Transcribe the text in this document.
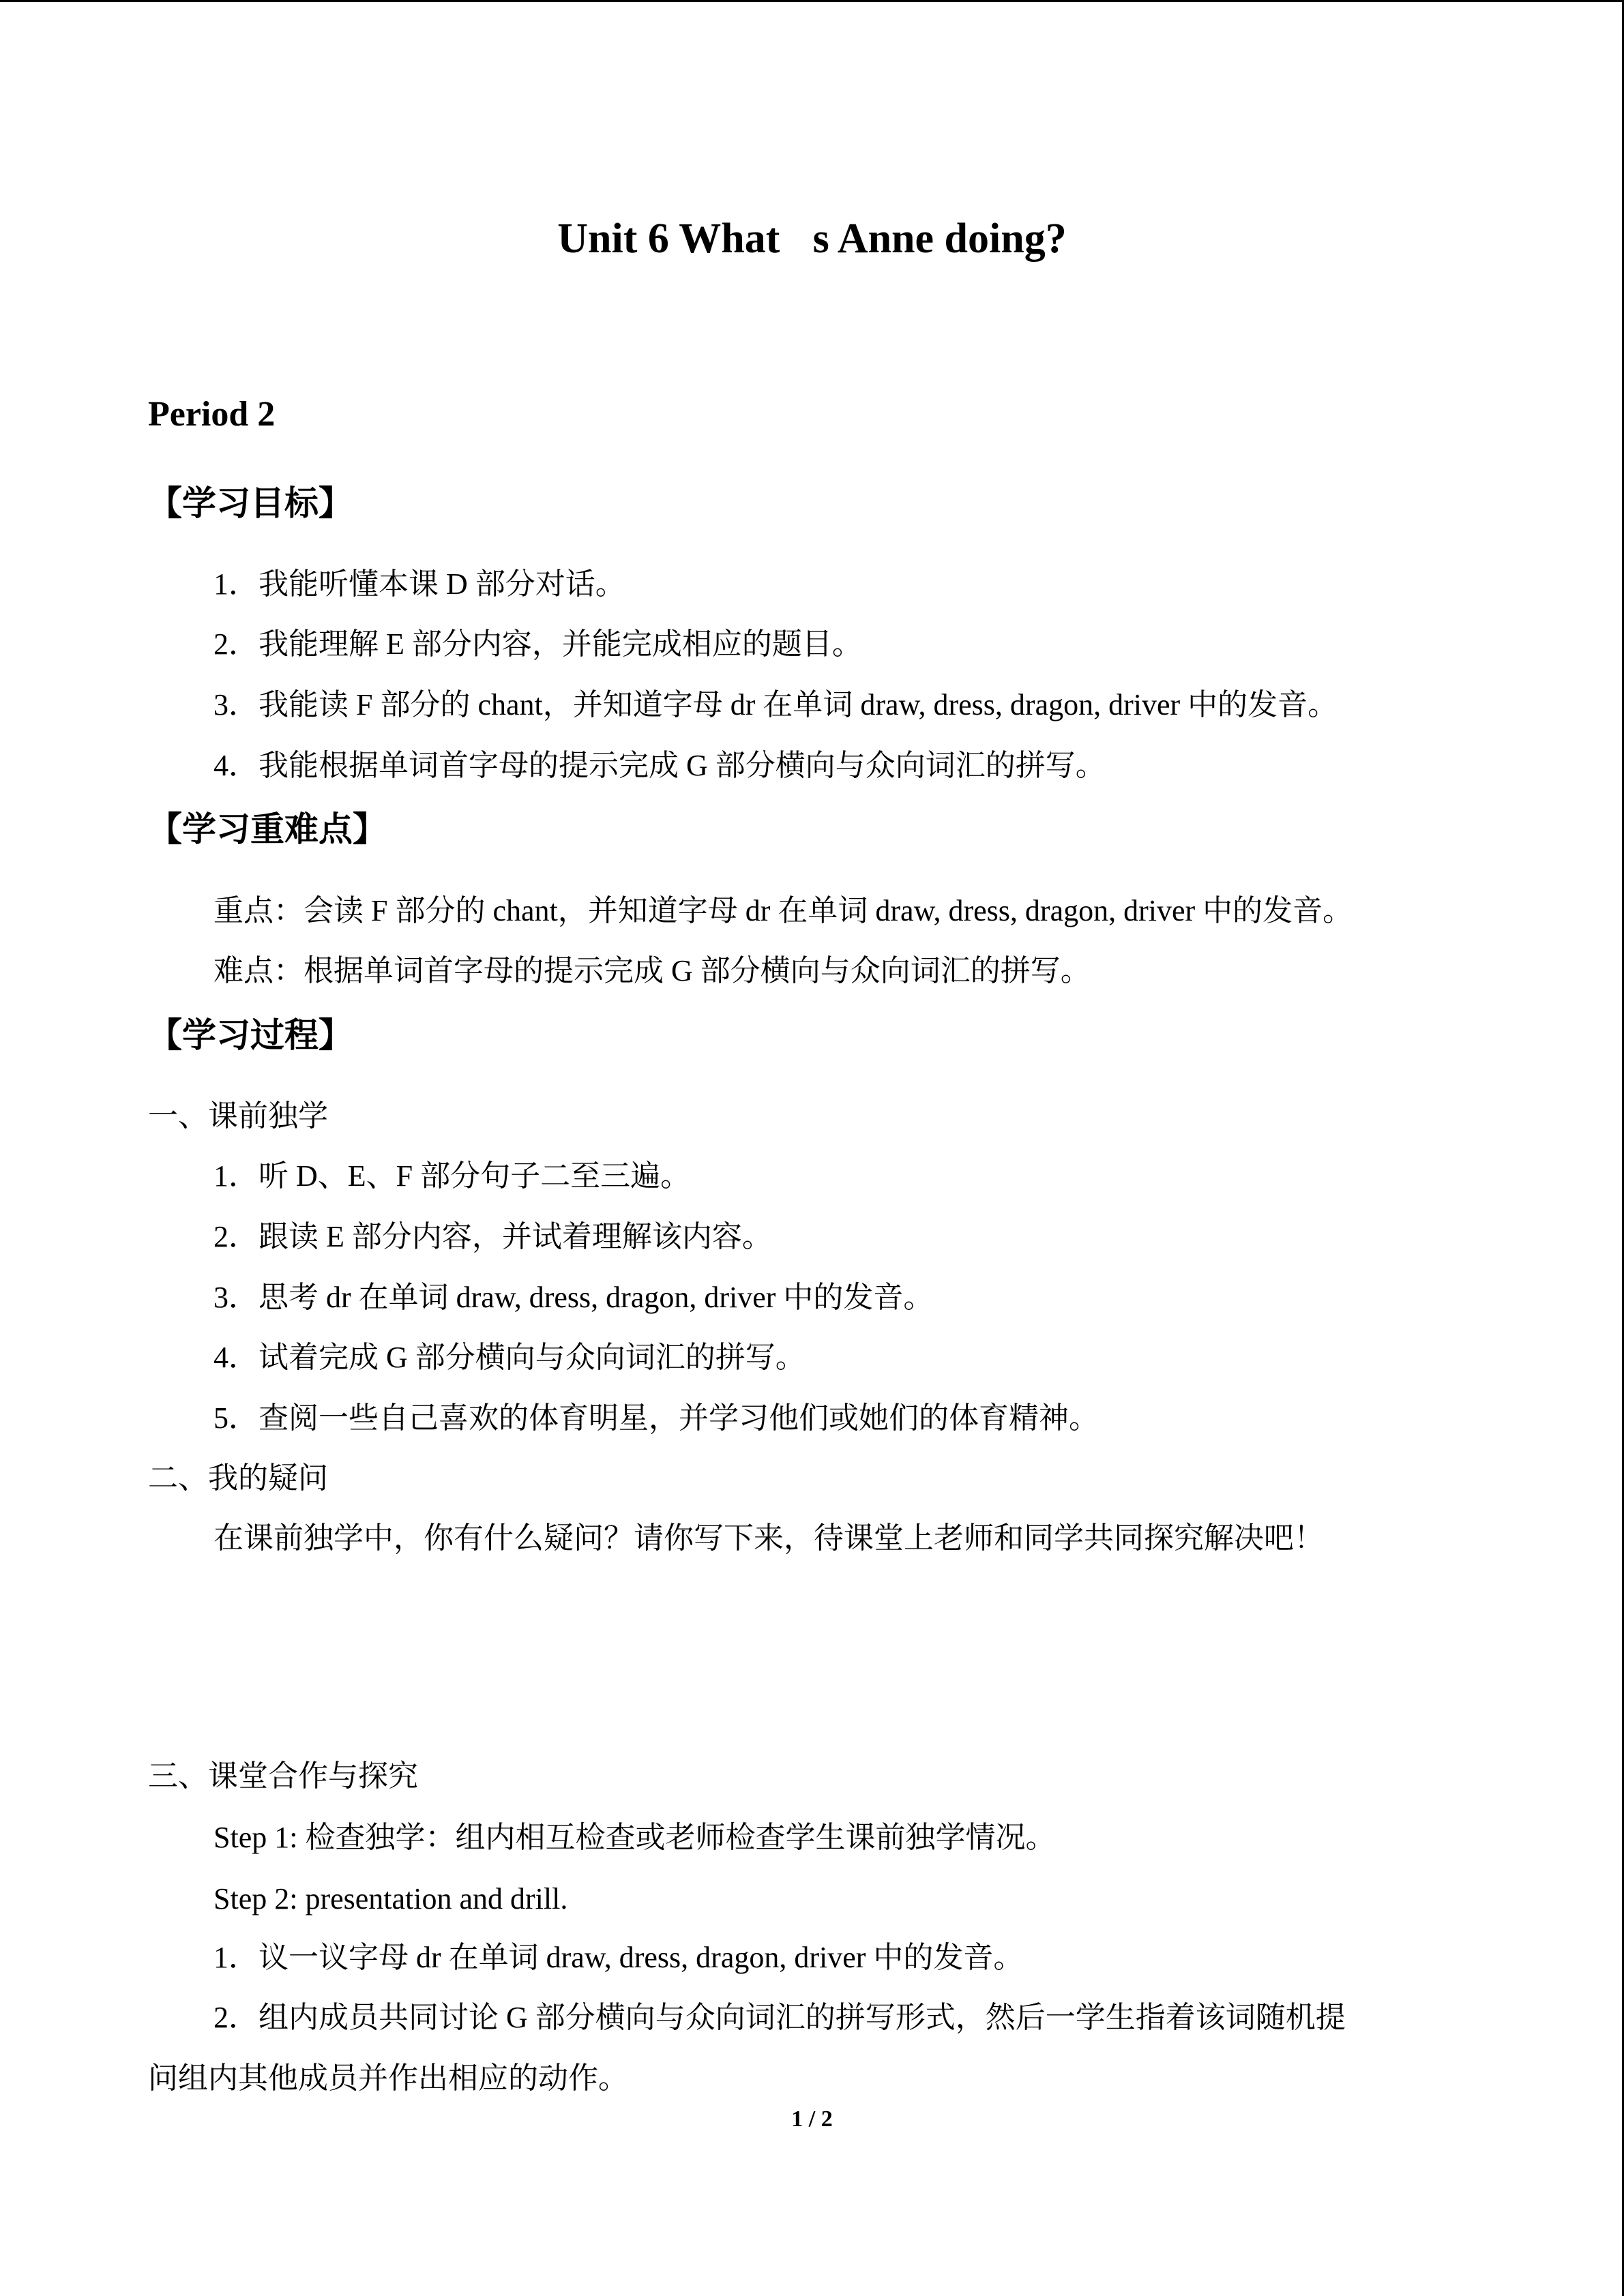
Unit 6 What s Anne doing?
Period 2
【学习目标】
1．我能听懂本课 D 部分对话。
2．我能理解 E 部分内容，并能完成相应的题目。
3．我能读 F 部分的 chant，并知道字母 dr 在单词 draw, dress, dragon, driver 中的发音。
4．我能根据单词首字母的提示完成 G 部分横向与众向词汇的拼写。
【学习重难点】
重点：会读 F 部分的 chant，并知道字母 dr 在单词 draw, dress, dragon, driver 中的发音。
难点：根据单词首字母的提示完成 G 部分横向与众向词汇的拼写。
【学习过程】
一、课前独学
1．听 D、E、F 部分句子二至三遍。
2．跟读 E 部分内容，并试着理解该内容。
3．思考 dr 在单词 draw, dress, dragon, driver 中的发音。
4．试着完成 G 部分横向与众向词汇的拼写。
5．查阅一些自己喜欢的体育明星，并学习他们或她们的体育精神。
二、我的疑问
在课前独学中，你有什么疑问？请你写下来，待课堂上老师和同学共同探究解决吧！
三、课堂合作与探究
Step 1: 检查独学：组内相互检查或老师检查学生课前独学情况。
Step 2: presentation and drill.
1．议一议字母 dr 在单词 draw, dress, dragon, driver 中的发音。
2．组内成员共同讨论 G 部分横向与众向词汇的拼写形式，然后一学生指着该词随机提
问组内其他成员并作出相应的动作。
1 / 2
